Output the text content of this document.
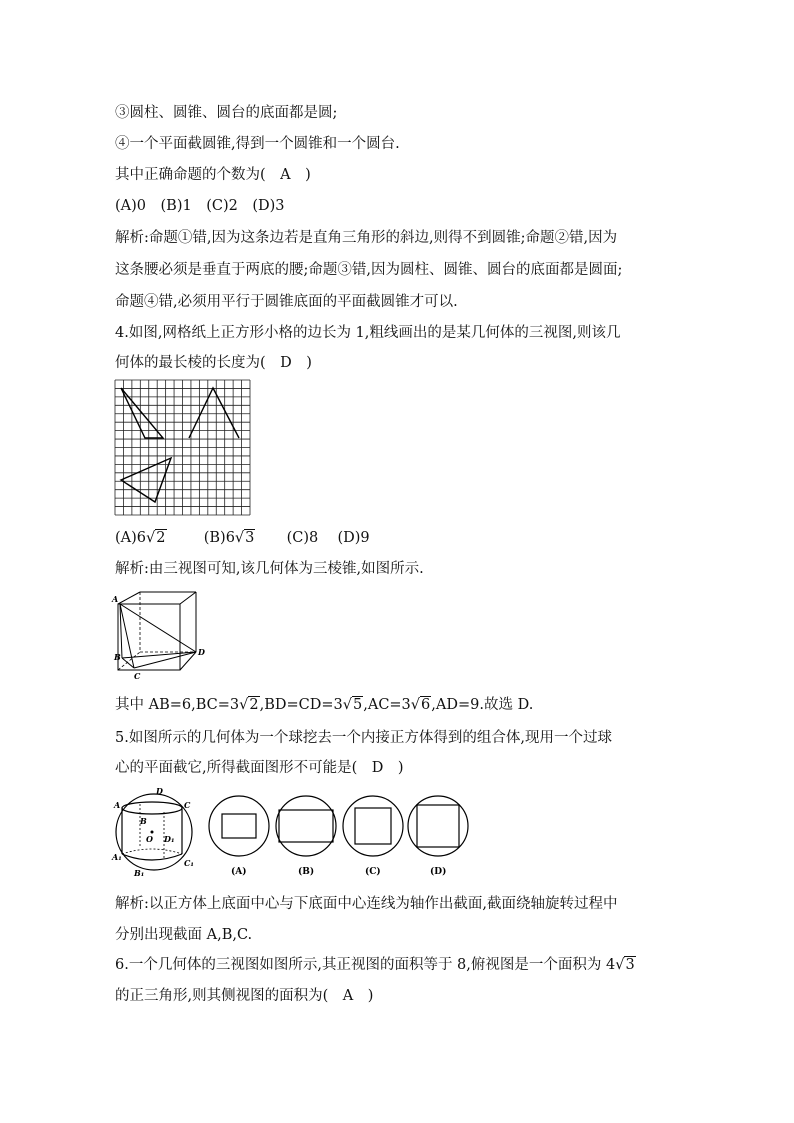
③圆柱、圆锥、圆台的底面都是圆;
④一个平面截圆锥,得到一个圆锥和一个圆台.
其中正确命题的个数为(　A　)
(A)0　(B)1　(C)2　(D)3
解析:命题①错,因为这条边若是直角三角形的斜边,则得不到圆锥;命题②错,因为
这条腰必须是垂直于两底的腰;命题③错,因为圆柱、圆锥、圆台的底面都是圆面;
命题④错,必须用平行于圆锥底面的平面截圆锥才可以.
4.如图,网格纸上正方形小格的边长为 1,粗线画出的是某几何体的三视图,则该几
何体的最长棱的长度为(　D　)
(A)6√2	(B)6√3 (C)8 (D)9
解析:由三视图可知,该几何体为三棱锥,如图所示.
A
B
C
D
其中 AB=6,BC=3√2,BD=CD=3√5,AC=3√6,AD=9.故选 D.
5.如图所示的几何体为一个球挖去一个内接正方体得到的组合体,现用一个过球
心的平面截它,所得截面图形不可能是(　D　)
A
B
C
D
O
A₁
B₁
C₁
D₁
(A)	(B)	(C)	(D)
解析:以正方体上底面中心与下底面中心连线为轴作出截面,截面绕轴旋转过程中
分别出现截面 A,B,C.
6.一个几何体的三视图如图所示,其正视图的面积等于 8,俯视图是一个面积为 4√3
的正三角形,则其侧视图的面积为(　A　)
